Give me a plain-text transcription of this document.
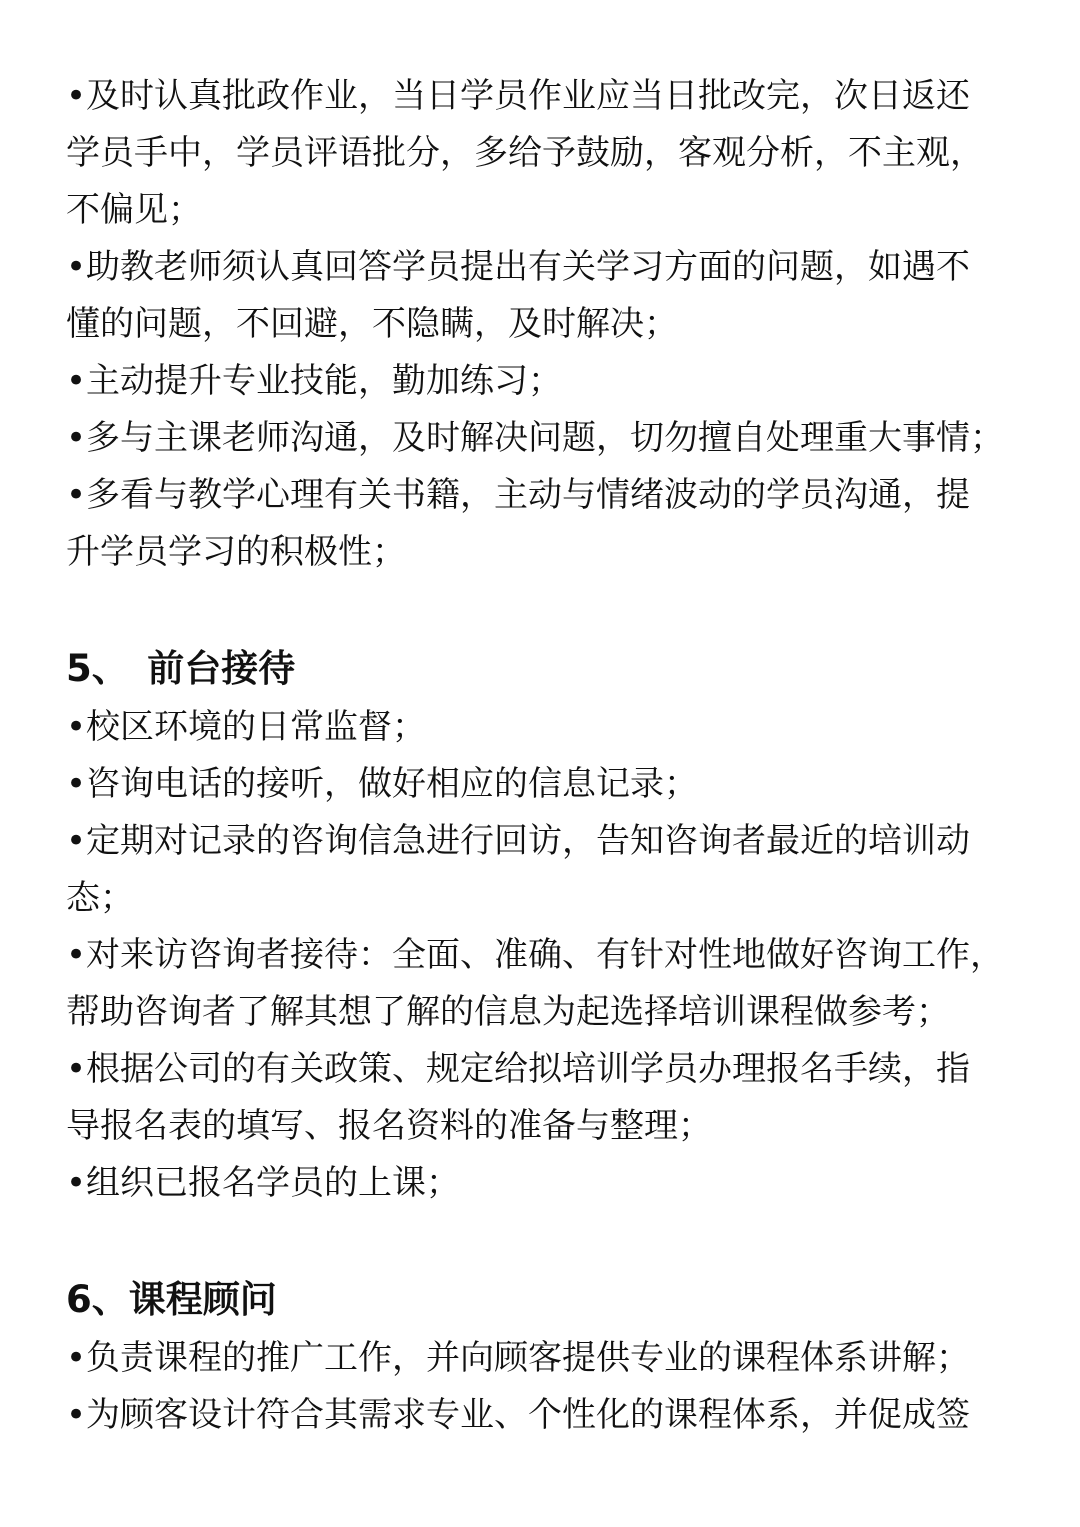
•及时认真批政作业，当日学员作业应当日批改完，次日返还

学员手中，学员评语批分，多给予鼓励，客观分析，不主观，

不偏见；

•助教老师须认真回答学员提出有关学习方面的问题，如遇不

懂的问题，不回避，不隐瞒，及时解决；

•主动提升专业技能，勤加练习；

•多与主课老师沟通，及时解决问题，切勿擅自处理重大事情；

•多看与教学心理有关书籍，主动与情绪波动的学员沟通，提

升学员学习的积极性；

5、　前台接待

•校区环境的日常监督；

•咨询电话的接听，做好相应的信息记录；

•定期对记录的咨询信急进行回访，告知咨询者最近的培训动

态；

•对来访咨询者接待：全面、准确、有针对性地做好咨询工作，

帮助咨询者了解其想了解的信息为起选择培训课程做参考；

•根据公司的有关政策、规定给拟培训学员办理报名手续，指

导报名表的填写、报名资料的准备与整理；

•组织已报名学员的上课；

6、课程顾问

•负责课程的推广工作，并向顾客提供专业的课程体系讲解；

•为顾客设计符合其需求专业、个性化的课程体系，并促成签
